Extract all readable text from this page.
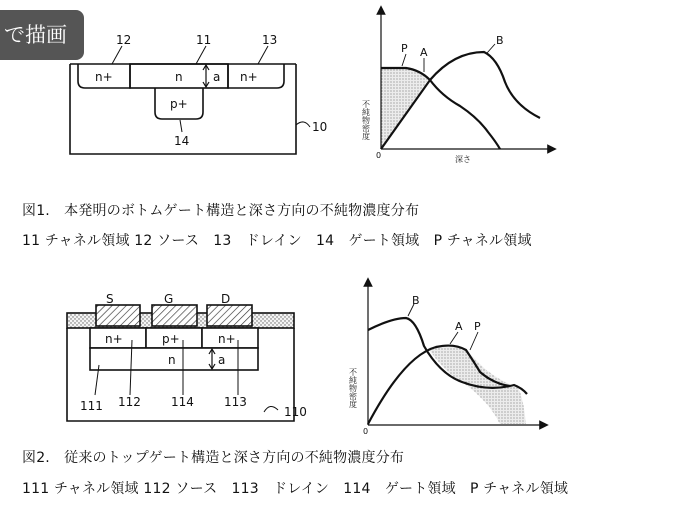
で描画
n+	n	a n+
p+
12	11	13
14
10	不純物密度
深さ
0
P A
B
S	G	D
n+	p+	n+
n	a
111 112	114	113
110
不純物密度
0
B
A P
図1.　本発明のボトムゲート構造と深さ方向の不純物濃度分布
11 チャネル領域 12 ソース　13　ドレイン　14　ゲート領域　P チャネル領域
図2.　従来のトップゲート構造と深さ方向の不純物濃度分布
111 チャネル領域 112 ソース　113　ドレイン　114　ゲート領域　P チャネル領域
